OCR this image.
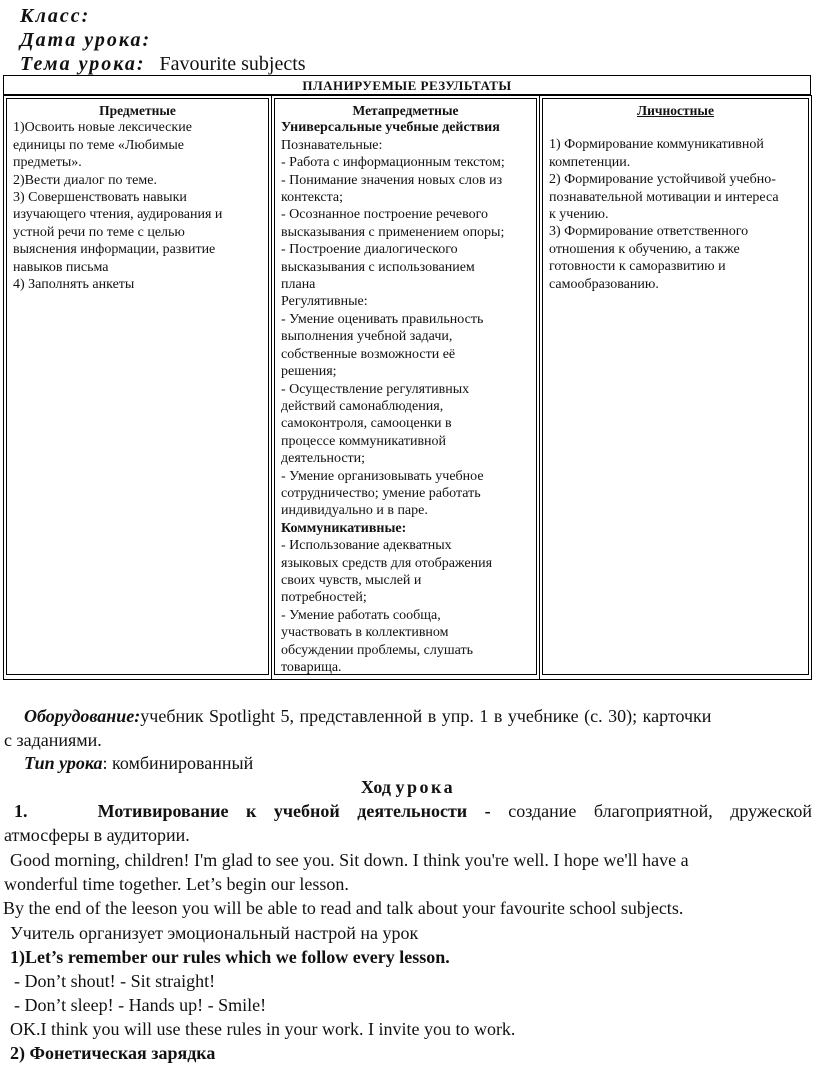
Класс:
Дата урока:
Тема урока: Favourite subjects
ПЛАНИРУЕМЫЕ РЕЗУЛЬТАТЫ
Предметные
1)Освоить новые лексические
единицы по теме «Любимые
предметы».
2)Вести диалог по теме.
3) Совершенствовать навыки
изучающего чтения, аудирования и
устной речи по теме с целью
выяснения информации, развитие
навыков письма
4) Заполнять анкеты

Метапредметные
Универсальные учебные действия
Познавательные:
- Работа с информационным текстом;
- Понимание значения новых слов из
контекста;
- Осознанное построение речевого
высказывания с применением опоры;
- Построение диалогического
высказывания с использованием
плана
Регулятивные:
- Умение оценивать правильность
выполнения учебной задачи,
собственные возможности её
решения;
- Осуществление регулятивных
действий самонаблюдения,
самоконтроля, самооценки в
процессе коммуникативной
деятельности;
- Умение организовывать учебное
сотрудничество; умение работать
индивидуально и в паре.
Коммуникативные:
- Использование адекватных
языковых средств для отображения
своих чувств, мыслей и
потребностей;
- Умение работать сообща,
участвовать в коллективном
обсуждении проблемы, слушать
товарища.

Личностные
1) Формирование коммуникативной
компетенции.
2) Формирование устойчивой учебно-
познавательной мотивации и интереса
к учению.
3) Формирование ответственного
отношения к обучению, а также
готовности к саморазвитию и
самообразованию.
Оборудование:учебник Spotlight 5, представленной в упр. 1 в учебнике (с. 30); карточки
с заданиями.
Тип урока: комбинированный
Ход урока
1.	Мотивирование к учебной деятельности - создание благоприятной, дружеской
атмосферы в аудитории.
Good morning, children! I'm glad to see you. Sit down. I think you're well. I hope we'll have a
wonderful time together. Let’s begin our lesson.
By the end of the leeson you will be able to read and talk about your favourite school subjects.
Учитель организует эмоциональный настрой на урок
1)Let’s remember our rules which we follow every lesson.
- Don’t shout! - Sit straight!
- Don’t sleep! - Hands up! - Smile!
OK.I think you will use these rules in your work. I invite you to work.
2) Фонетическая зарядка
